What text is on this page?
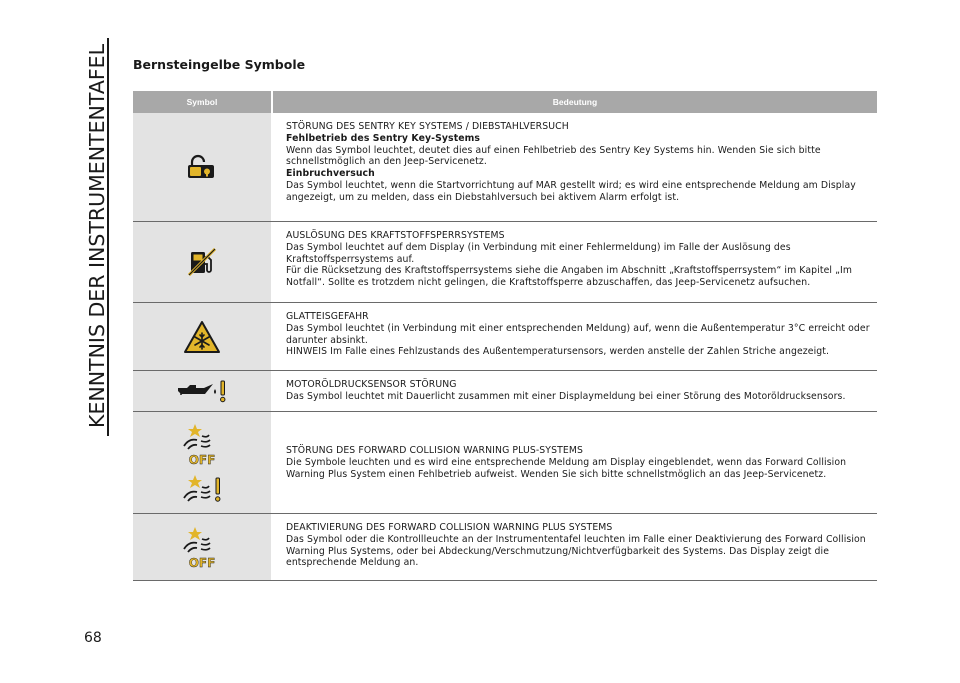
KENNTNIS DER INSTRUMENTENTAFEL
68
Bernsteingelbe Symbole
Symbol	Bedeutung

STÖRUNG DES SENTRY KEY SYSTEMS / DIEBSTAHLVERSUCH

Fehlbetrieb des Sentry Key-Systems

Wenn das Symbol leuchtet, deutet dies auf einen Fehlbetrieb des Sentry Key Systems hin. Wenden Sie sich bitte schnellstmöglich an den Jeep-Servicenetz.

Einbruchversuch

Das Symbol leuchtet, wenn die Startvorrichtung auf MAR gestellt wird; es wird eine entsprechende Meldung am Display angezeigt, um zu melden, dass ein Diebstahlversuch bei aktivem Alarm erfolgt ist.

AUSLÖSUNG DES KRAFTSTOFFSPERRSYSTEMS

Das Symbol leuchtet auf dem Display (in Verbindung mit einer Fehlermeldung) im Falle der Auslösung des Kraftstoffsperrsystems auf.

Für die Rücksetzung des Kraftstoffsperrsystems siehe die Angaben im Abschnitt „Kraftstoffsperrsystem“ im Kapitel „Im Notfall“. Sollte es trotzdem nicht gelingen, die Kraftstoffsperre abzuschaffen, das Jeep-Servicenetz aufsuchen.

GLATTEISGEFAHR

Das Symbol leuchtet (in Verbindung mit einer entsprechenden Meldung) auf, wenn die Außentemperatur 3°C erreicht oder darunter absinkt.

HINWEIS Im Falle eines Fehlzustands des Außentemperatursensors, werden anstelle der Zahlen Striche angezeigt.

MOTORÖLDRUCKSENSOR STÖRUNG

Das Symbol leuchtet mit Dauerlicht zusammen mit einer Displaymeldung bei einer Störung des Motoröldrucksensors.

OFF

STÖRUNG DES FORWARD COLLISION WARNING PLUS-SYSTEMS

Die Symbole leuchten und es wird eine entsprechende Meldung am Display eingeblendet, wenn das Forward Collision Warning Plus System einen Fehlbetrieb aufweist. Wenden Sie sich bitte schnellstmöglich an das Jeep-Servicenetz.

OFF

DEAKTIVIERUNG DES FORWARD COLLISION WARNING PLUS SYSTEMS

Das Symbol oder die Kontrollleuchte an der Instrumententafel leuchten im Falle einer Deaktivierung des Forward Collision Warning Plus Systems, oder bei Abdeckung/Verschmutzung/Nichtverfügbarkeit des Systems. Das Display zeigt die entsprechende Meldung an.
